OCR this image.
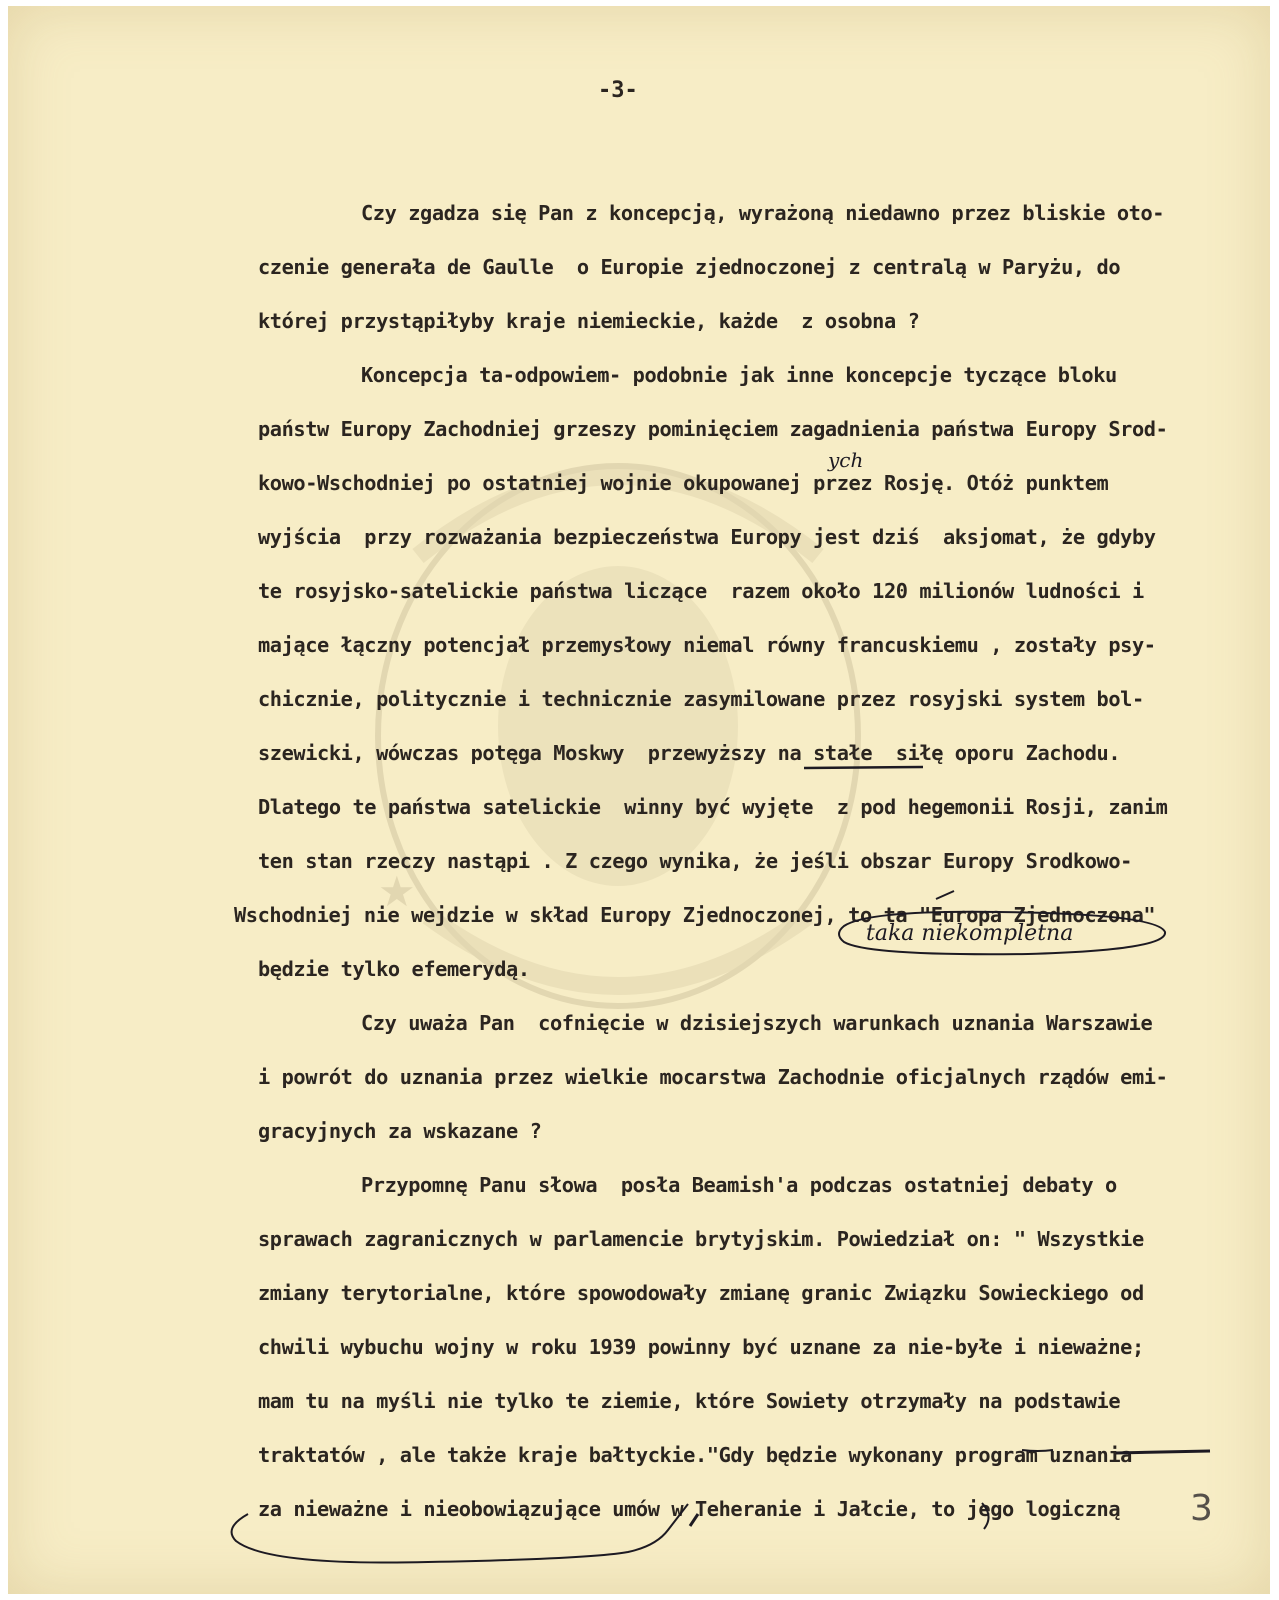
★
-3-

Czy zgadza się Pan z koncepcją, wyrażoną niedawno przez bliskie oto-

czenie generała de Gaulle  o Europie zjednoczonej z centralą w Paryżu, do

której przystąpiłyby kraje niemieckie, każde  z osobna ?

Koncepcja ta-odpowiem- podobnie jak inne koncepcje tyczące bloku

państw Europy Zachodniej grzeszy pominięciem zagadnienia państwa Europy Srod-

kowo-Wschodniej po ostatniej wojnie okupowanej przez Rosję. Otóż punktem

wyjścia  przy rozważania bezpieczeństwa Europy jest dziś  aksjomat, że gdyby

te rosyjsko-satelickie państwa liczące  razem około 120 milionów ludności i

mające łączny potencjał przemysłowy niemal równy francuskiemu , zostały psy-

chicznie, politycznie i technicznie zasymilowane przez rosyjski system bol-

szewicki, wówczas potęga Moskwy  przewyższy na stałe  siłę oporu Zachodu.

Dlatego te państwa satelickie  winny być wyjęte  z pod hegemonii Rosji, zanim

ten stan rzeczy nastąpi . Z czego wynika, że jeśli obszar Europy Srodkowo-

Wschodniej nie wejdzie w skład Europy Zjednoczonej, to ta "Europa Zjednoczona"

będzie tylko efemerydą.

Czy uważa Pan  cofnięcie w dzisiejszych warunkach uznania Warszawie

i powrót do uznania przez wielkie mocarstwa Zachodnie oficjalnych rządów emi-

gracyjnych za wskazane ?

Przypomnę Panu słowa  posła Beamish'a podczas ostatniej debaty o

sprawach zagranicznych w parlamencie brytyjskim. Powiedział on: " Wszystkie

zmiany terytorialne, które spowodowały zmianę granic Związku Sowieckiego od

chwili wybuchu wojny w roku 1939 powinny być uznane za nie-byłe i nieważne;

mam tu na myśli nie tylko te ziemie, które Sowiety otrzymały na podstawie

traktatów , ale także kraje bałtyckie."Gdy będzie wykonany program uznania

za nieważne i nieobowiązujące umów w Teheranie i Jałcie, to jego logiczną

ych
taka niekompletna
3
